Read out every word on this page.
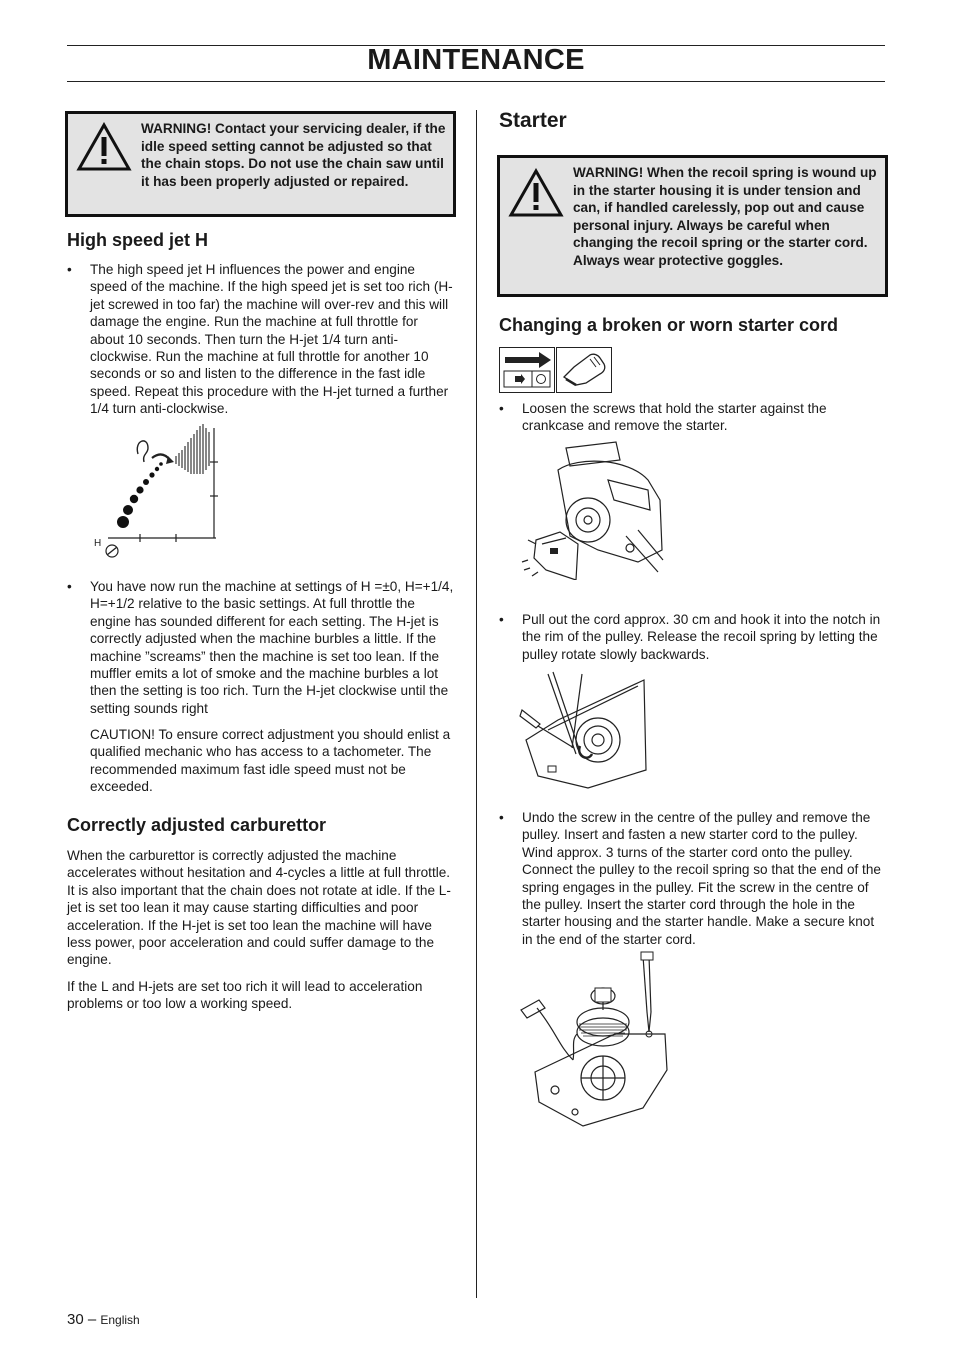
MAINTENANCE
WARNING! Contact your servicing dealer, if the idle speed setting cannot be adjusted so that the chain stops. Do not use the chain saw until it has been properly adjusted or repaired.
High speed jet H
• The high speed jet H influences the power and engine speed of the machine. If the high speed jet is set too rich (H-jet screwed in too far) the machine will over-rev and this will damage the engine. Run the machine at full throttle for about 10 seconds. Then turn the H-jet 1/4 turn anti-clockwise. Run the machine at full throttle for another 10 seconds or so and listen to the difference in the fast idle speed. Repeat this procedure with the H-jet turned a further 1/4 turn anti-clockwise.
H
• You have now run the machine at settings of H =±0, H=+1/4, H=+1/2 relative to the basic settings. At full throttle the engine has sounded different for each setting. The H-jet is correctly adjusted when the machine burbles a little. If the machine ”screams” then the machine is set too lean. If the muffler emits a lot of smoke and the machine burbles a lot then the setting is too rich. Turn the H-jet clockwise until the setting sounds right
CAUTION! To ensure correct adjustment you should enlist a qualified mechanic who has access to a tachometer. The recommended maximum fast idle speed must not be exceeded.
Correctly adjusted carburettor
When the carburettor is correctly adjusted the machine accelerates without hesitation and 4-cycles a little at full throttle. It is also important that the chain does not rotate at idle. If the L-jet is set too lean it may cause starting difficulties and poor acceleration. If the H-jet is set too lean the machine will have less power, poor acceleration and could suffer damage to the engine.
If the L and H-jets are set too rich it will lead to acceleration problems or too low a working speed.
Starter
WARNING! When the recoil spring is wound up in the starter housing it is under tension and can, if handled carelessly, pop out and cause personal injury. Always be careful when changing the recoil spring or the starter cord. Always wear protective goggles.
Changing a broken or worn starter cord
• Loosen the screws that hold the starter against the crankcase and remove the starter.
• Pull out the cord approx. 30 cm and hook it into the notch in the rim of the pulley. Release the recoil spring by letting the pulley rotate slowly backwards.
• Undo the screw in the centre of the pulley and remove the pulley. Insert and fasten a new starter cord to the pulley. Wind approx. 3 turns of the starter cord onto the pulley. Connect the pulley to the recoil spring so that the end of the spring engages in the pulley. Fit the screw in the centre of the pulley. Insert the starter cord through the hole in the starter housing and the starter handle. Make a secure knot in the end of the starter cord.
30 – English
